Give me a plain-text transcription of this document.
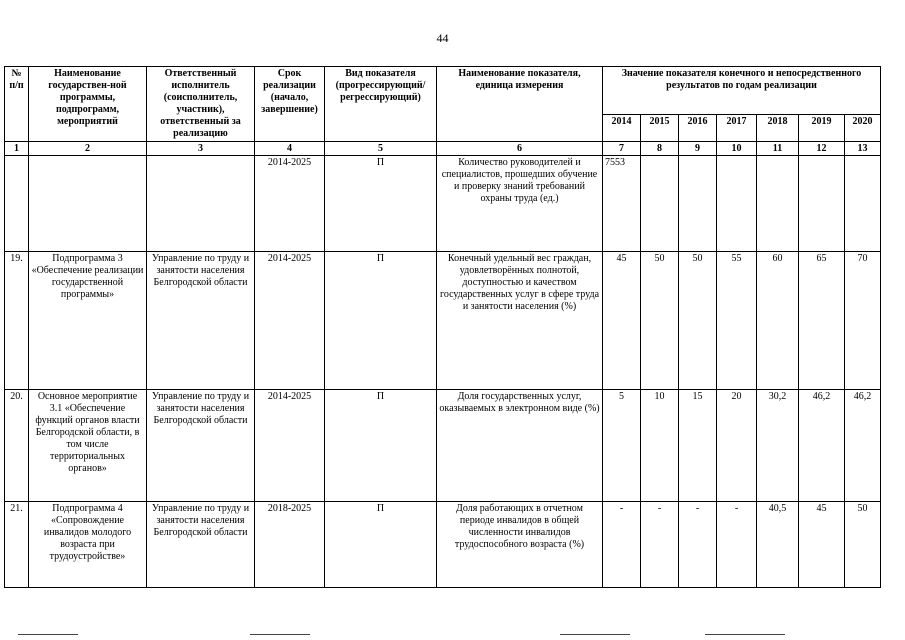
44
№ п/п	Наименование государствен-ной программы, подпрограмм, мероприятий	Ответственный исполнитель (соисполнитель, участник), ответственный за реализацию	Срок реализации (начало, завершение)	Вид показателя (прогрессирующий/ регрессирующий)	Наименование показателя, единица измерения	Значение показателя конечного и непосредственного результатов по годам реализации						
						2014	2015	2016	2017	2018	2019	2020
1	2	3	4	5	6	7	8	9	10	11	12	13
			2014-2025	П	Количество руководителей и специалистов, прошедших обучение и проверку знаний требований охраны труда (ед.)	7553						
19.	Подпрограмма 3 «Обеспечение реализации государственной программы»	Управление по труду и занятости населения Белгородской области	2014-2025	П	Конечный удельный вес граждан, удовлетворённых полнотой, доступностью и качеством государственных услуг в сфере труда и занятости населения (%)	45	50	50	55	60	65	70
20.	Основное мероприятие 3.1 «Обеспечение функций органов власти Белгородской области, в том числе территориальных органов»	Управление по труду и занятости населения Белгородской области	2014-2025	П	Доля государственных услуг, оказываемых в электронном виде (%)	5	10	15	20	30,2	46,2	46,2
21.	Подпрограмма 4 «Сопровождение инвалидов молодого возраста при трудоустройстве»	Управление по труду и занятости населения Белгородской области	2018-2025	П	Доля работающих в отчетном периоде инвалидов в общей численности инвалидов трудоспособного возраста (%)	-	-	-	-	40,5	45	50
